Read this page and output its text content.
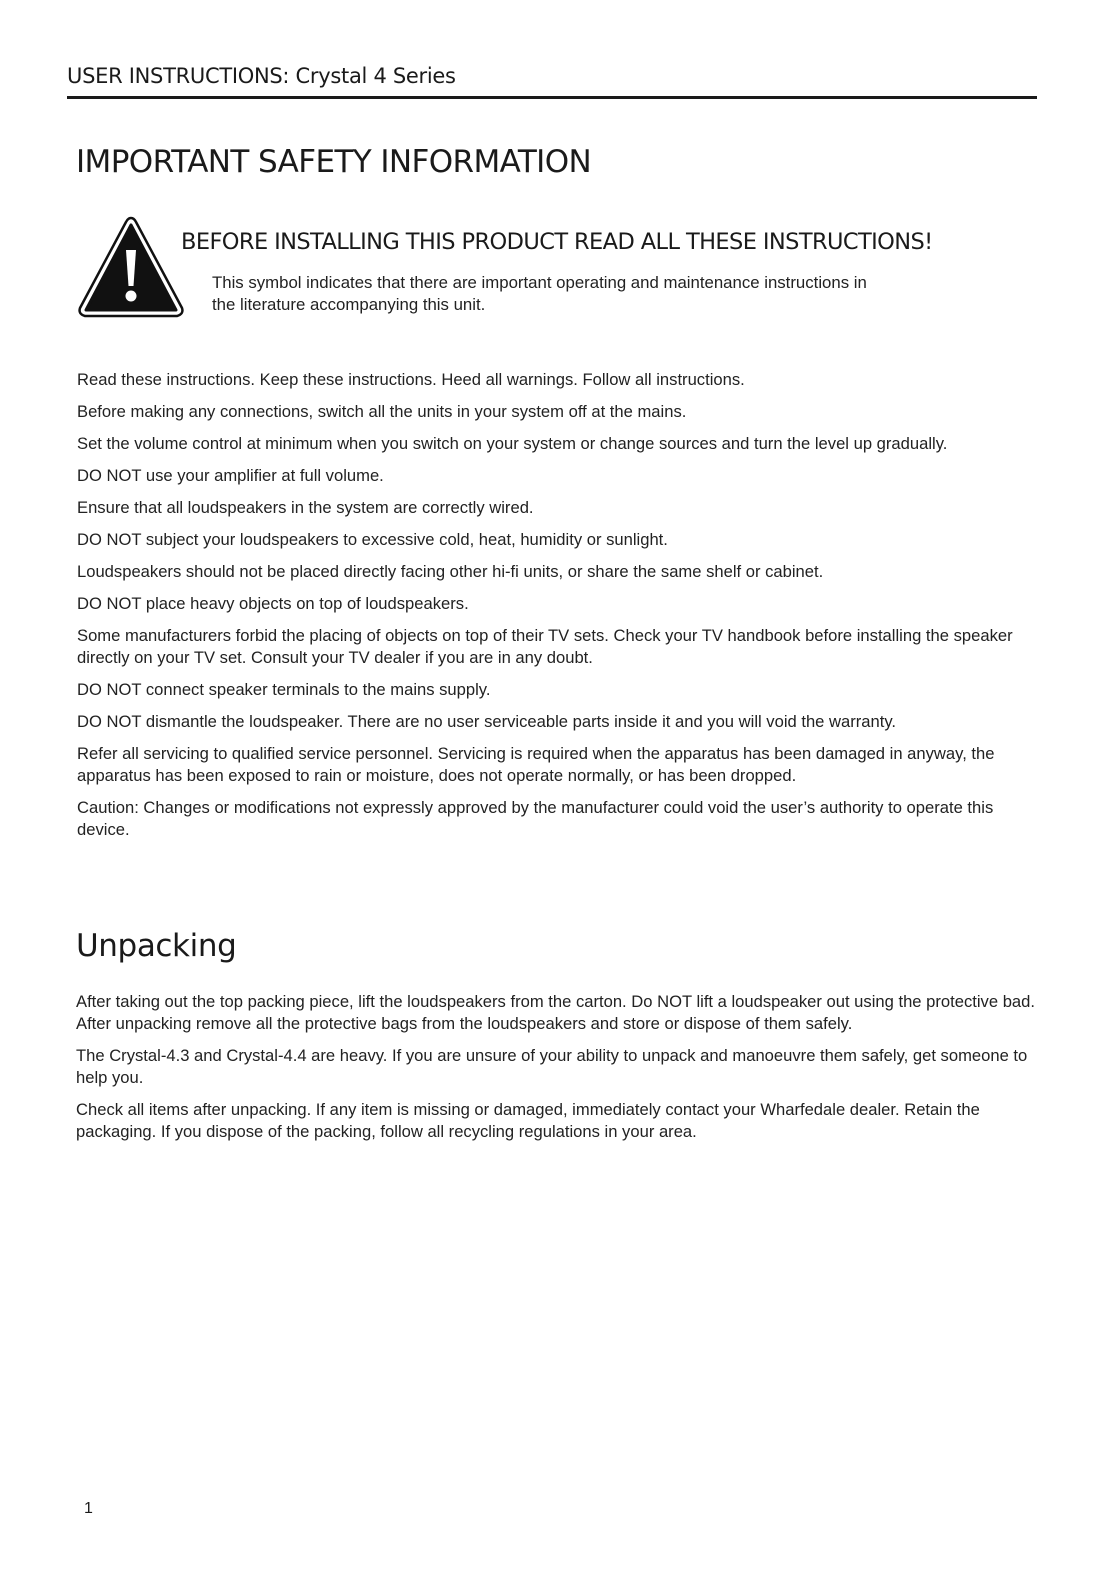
USER INSTRUCTIONS: Crystal 4 Series
IMPORTANT SAFETY INFORMATION
BEFORE INSTALLING THIS PRODUCT READ ALL THESE INSTRUCTIONS!

This symbol indicates that there are important operating and maintenance instructions in the literature accompanying this unit.

Read these instructions. Keep these instructions. Heed all warnings. Follow all instructions.
Before making any connections, switch all the units in your system off at the mains.
Set the volume control at minimum when you switch on your system or change sources and turn the level up gradually.
DO NOT use your amplifier at full volume.
Ensure that all loudspeakers in the system are correctly wired.
DO NOT subject your loudspeakers to excessive cold, heat, humidity or sunlight.
Loudspeakers should not be placed directly facing other hi-fi units, or share the same shelf or cabinet.
DO NOT place heavy objects on top of loudspeakers.
Some manufacturers forbid the placing of objects on top of their TV sets. Check your TV handbook before installing the speaker directly on your TV set. Consult your TV dealer if you are in any doubt.
DO NOT connect speaker terminals to the mains supply.
DO NOT dismantle the loudspeaker. There are no user serviceable parts inside it and you will void the warranty.
Refer all servicing to qualified service personnel. Servicing is required when the apparatus has been damaged in anyway, the apparatus has been exposed to rain or moisture, does not operate normally, or has been dropped.
Caution: Changes or modifications not expressly approved by the manufacturer could void the user’s authority to operate this device.
Unpacking
After taking out the top packing piece, lift the loudspeakers from the carton. Do NOT lift a loudspeaker out using the protective bad. After unpacking remove all the protective bags from the loudspeakers and store or dispose of them safely.
The Crystal-4.3 and Crystal-4.4 are heavy. If you are unsure of your ability to unpack and manoeuvre them safely, get someone to help you.
Check all items after unpacking. If any item is missing or damaged, immediately contact your Wharfedale dealer. Retain the packaging. If you dispose of the packing, follow all recycling regulations in your area.
1
